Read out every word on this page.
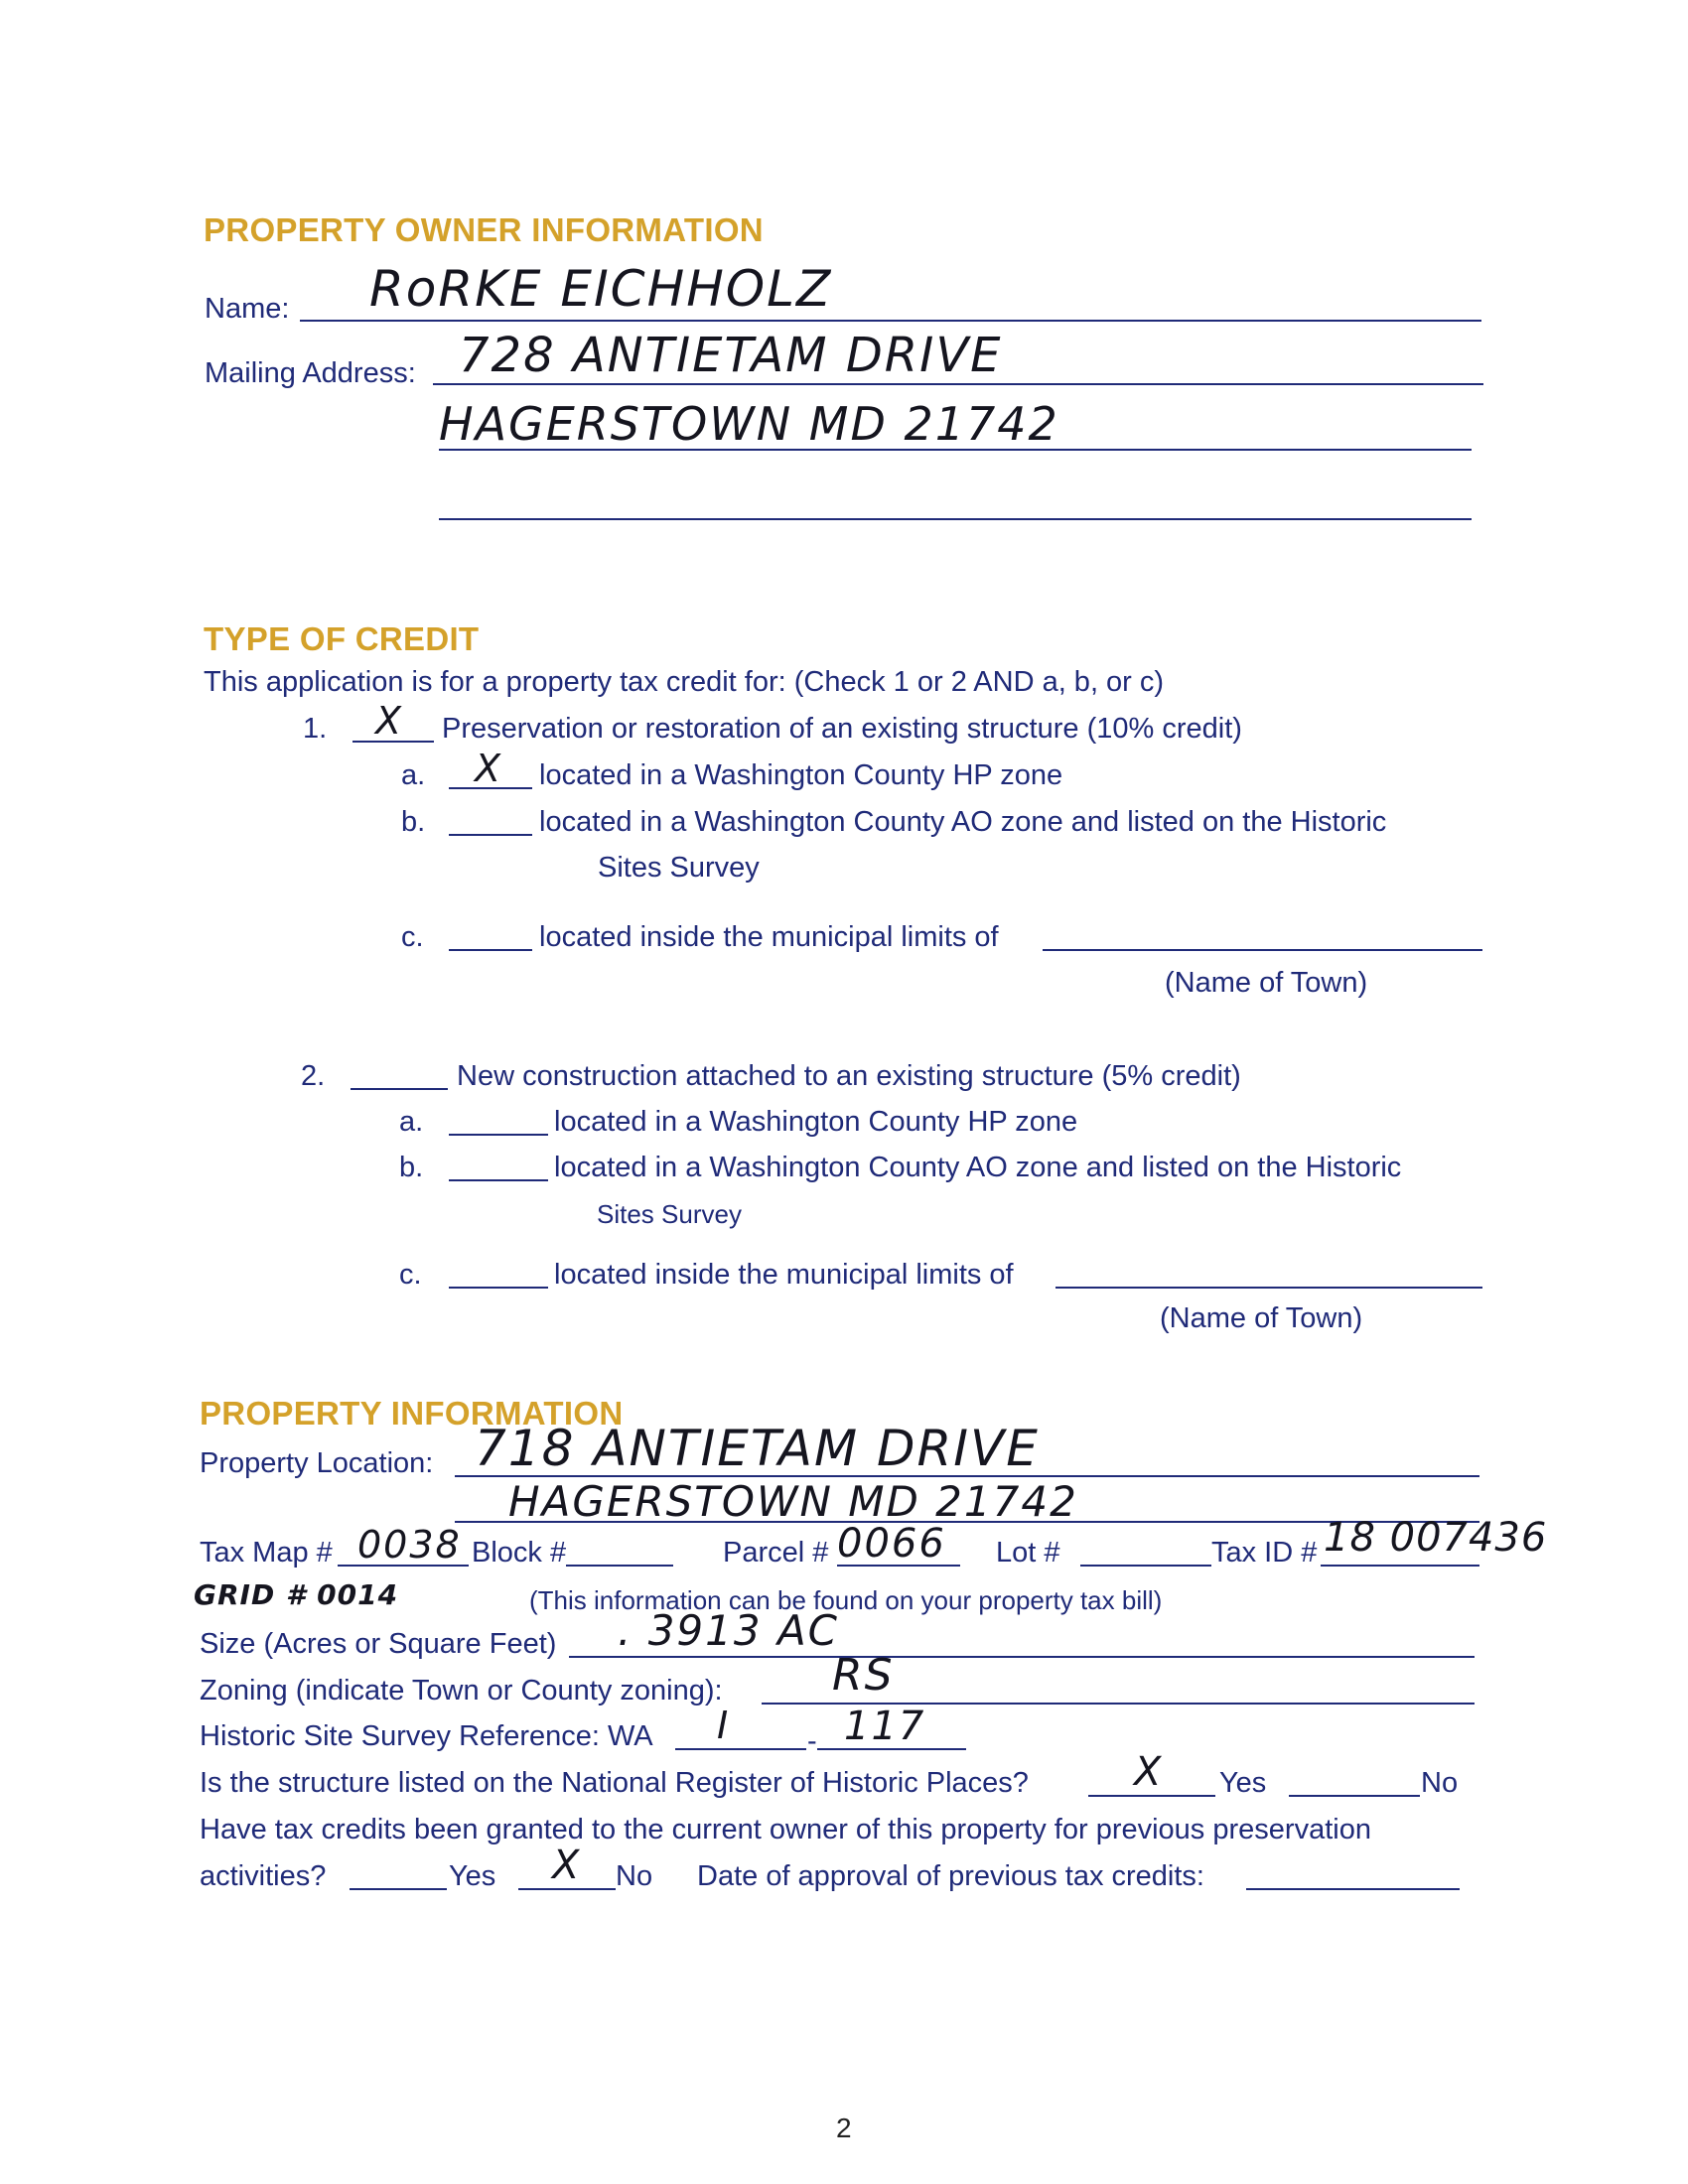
PROPERTY OWNER INFORMATION
Name: RoRKE EICHHOLZ
Mailing Address: 728 ANTIETAM DRIVE
HAGERSTOWN MD 21742
TYPE OF CREDIT
This application is for a property tax credit for: (Check 1 or 2 AND a, b, or c)
1. X Preservation or restoration of an existing structure (10% credit)
a. X located in a Washington County HP zone
b.	located in a Washington County AO zone and listed on the Historic
Sites Survey
c.	located inside the municipal limits of
(Name of Town)
2.	New construction attached to an existing structure (5% credit)
a.	located in a Washington County HP zone
b.	located in a Washington County AO zone and listed on the Historic
Sites Survey
c.	located inside the municipal limits of
(Name of Town)
PROPERTY INFORMATION
Property Location: 718 ANTIETAM DRIVE
HAGERSTOWN MD 21742
Tax Map # 0038 Block #	Parcel # 0066 Lot #	Tax ID # 18 007436
GRID # 0014	(This information can be found on your property tax bill)
Size (Acres or Square Feet) . 3913 AC
Zoning (indicate Town or County zoning):	RS
Historic Site Survey Reference: WA I	- 117
Is the structure listed on the National Register of Historic Places?	X Yes	No
Have tax credits been granted to the current owner of this property for previous preservation
activities?	Yes X No Date of approval of previous tax credits:
2
